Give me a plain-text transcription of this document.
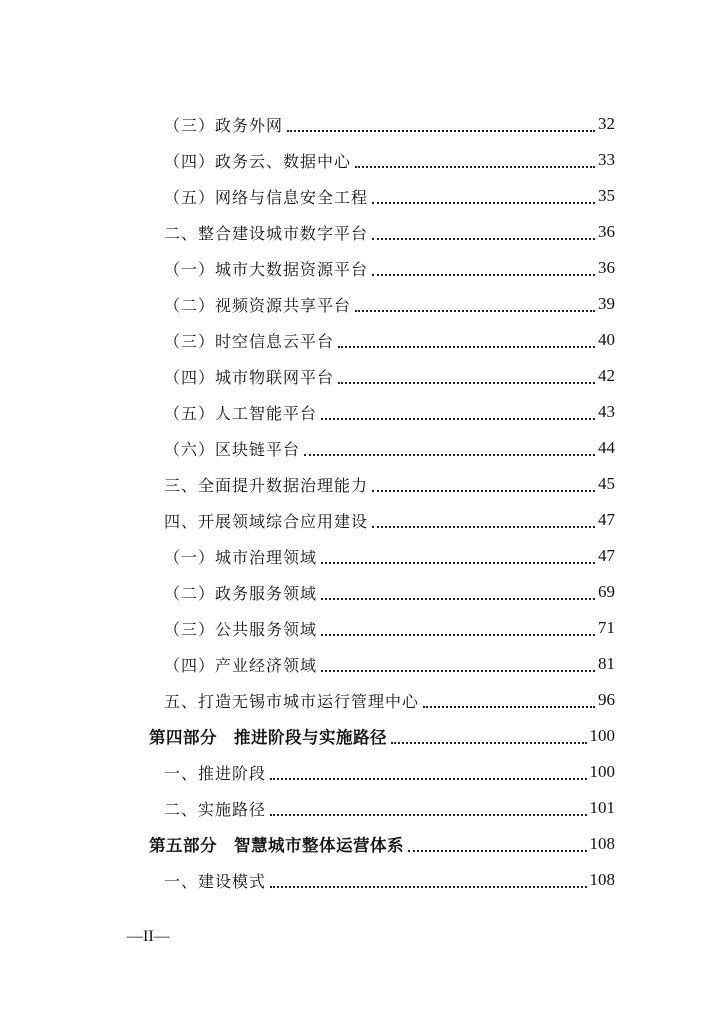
（三）政务外网	32
（四）政务云、数据中心	33
（五）网络与信息安全工程	35
二、整合建设城市数字平台	36
（一）城市大数据资源平台	36
（二）视频资源共享平台	39
（三）时空信息云平台	40
（四）城市物联网平台	42
（五）人工智能平台	43
（六）区块链平台	44
三、全面提升数据治理能力	45
四、开展领域综合应用建设	47
（一）城市治理领域	47
（二）政务服务领域	69
（三）公共服务领域	71
（四）产业经济领域	81
五、打造无锡市城市运行管理中心	96
第四部分　推进阶段与实施路径	100
一、推进阶段	100
二、实施路径	101
第五部分　智慧城市整体运营体系	108
一、建设模式	108
—II—
